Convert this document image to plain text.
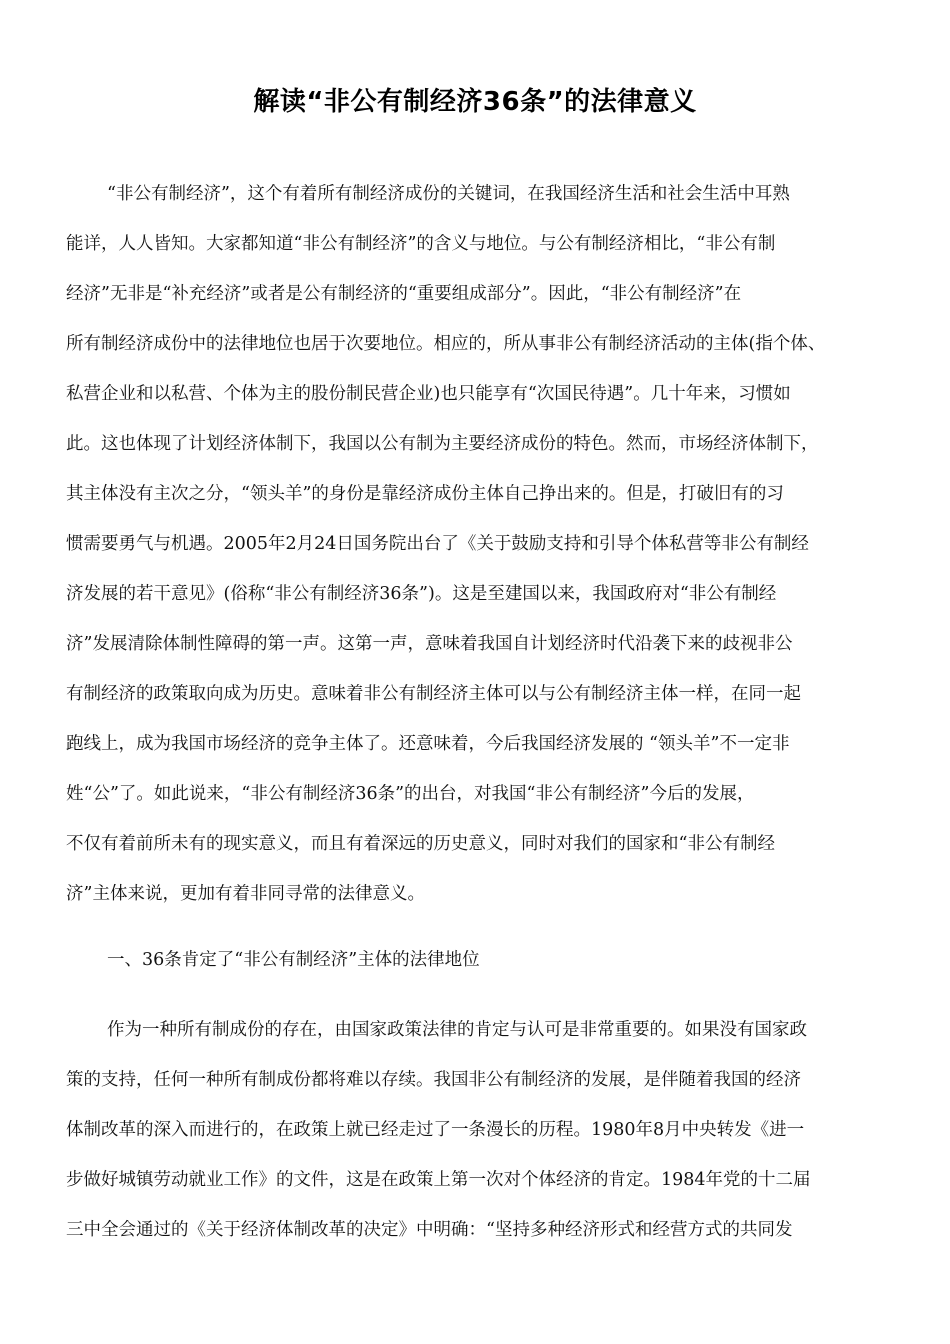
解读“非公有制经济36条”的法律意义
“非公有制经济”，这个有着所有制经济成份的关键词，在我国经济生活和社会生活中耳熟
能详，人人皆知。大家都知道“非公有制经济”的含义与地位。与公有制经济相比，“非公有制
经济”无非是“补充经济”或者是公有制经济的“重要组成部分”。因此，“非公有制经济”在
所有制经济成份中的法律地位也居于次要地位。相应的，所从事非公有制经济活动的主体(指个体、
私营企业和以私营、个体为主的股份制民营企业)也只能享有“次国民待遇”。几十年来，习惯如
此。这也体现了计划经济体制下，我国以公有制为主要经济成份的特色。然而，市场经济体制下，
其主体没有主次之分，“领头羊”的身份是靠经济成份主体自己挣出来的。但是，打破旧有的习
惯需要勇气与机遇。2005年2月24日国务院出台了《关于鼓励支持和引导个体私营等非公有制经
济发展的若干意见》(俗称“非公有制经济36条”)。这是至建国以来，我国政府对“非公有制经
济”发展清除体制性障碍的第一声。这第一声，意味着我国自计划经济时代沿袭下来的歧视非公
有制经济的政策取向成为历史。意味着非公有制经济主体可以与公有制经济主体一样，在同一起
跑线上，成为我国市场经济的竞争主体了。还意味着，今后我国经济发展的 “领头羊”不一定非
姓“公”了。如此说来，“非公有制经济36条”的出台，对我国“非公有制经济”今后的发展，
不仅有着前所未有的现实意义，而且有着深远的历史意义，同时对我们的国家和“非公有制经
济”主体来说，更加有着非同寻常的法律意义。
一、36条肯定了“非公有制经济”主体的法律地位
作为一种所有制成份的存在，由国家政策法律的肯定与认可是非常重要的。如果没有国家政
策的支持，任何一种所有制成份都将难以存续。我国非公有制经济的发展，是伴随着我国的经济
体制改革的深入而进行的，在政策上就已经走过了一条漫长的历程。1980年8月中央转发《进一
步做好城镇劳动就业工作》的文件，这是在政策上第一次对个体经济的肯定。1984年党的十二届
三中全会通过的《关于经济体制改革的决定》中明确：“坚持多种经济形式和经营方式的共同发
